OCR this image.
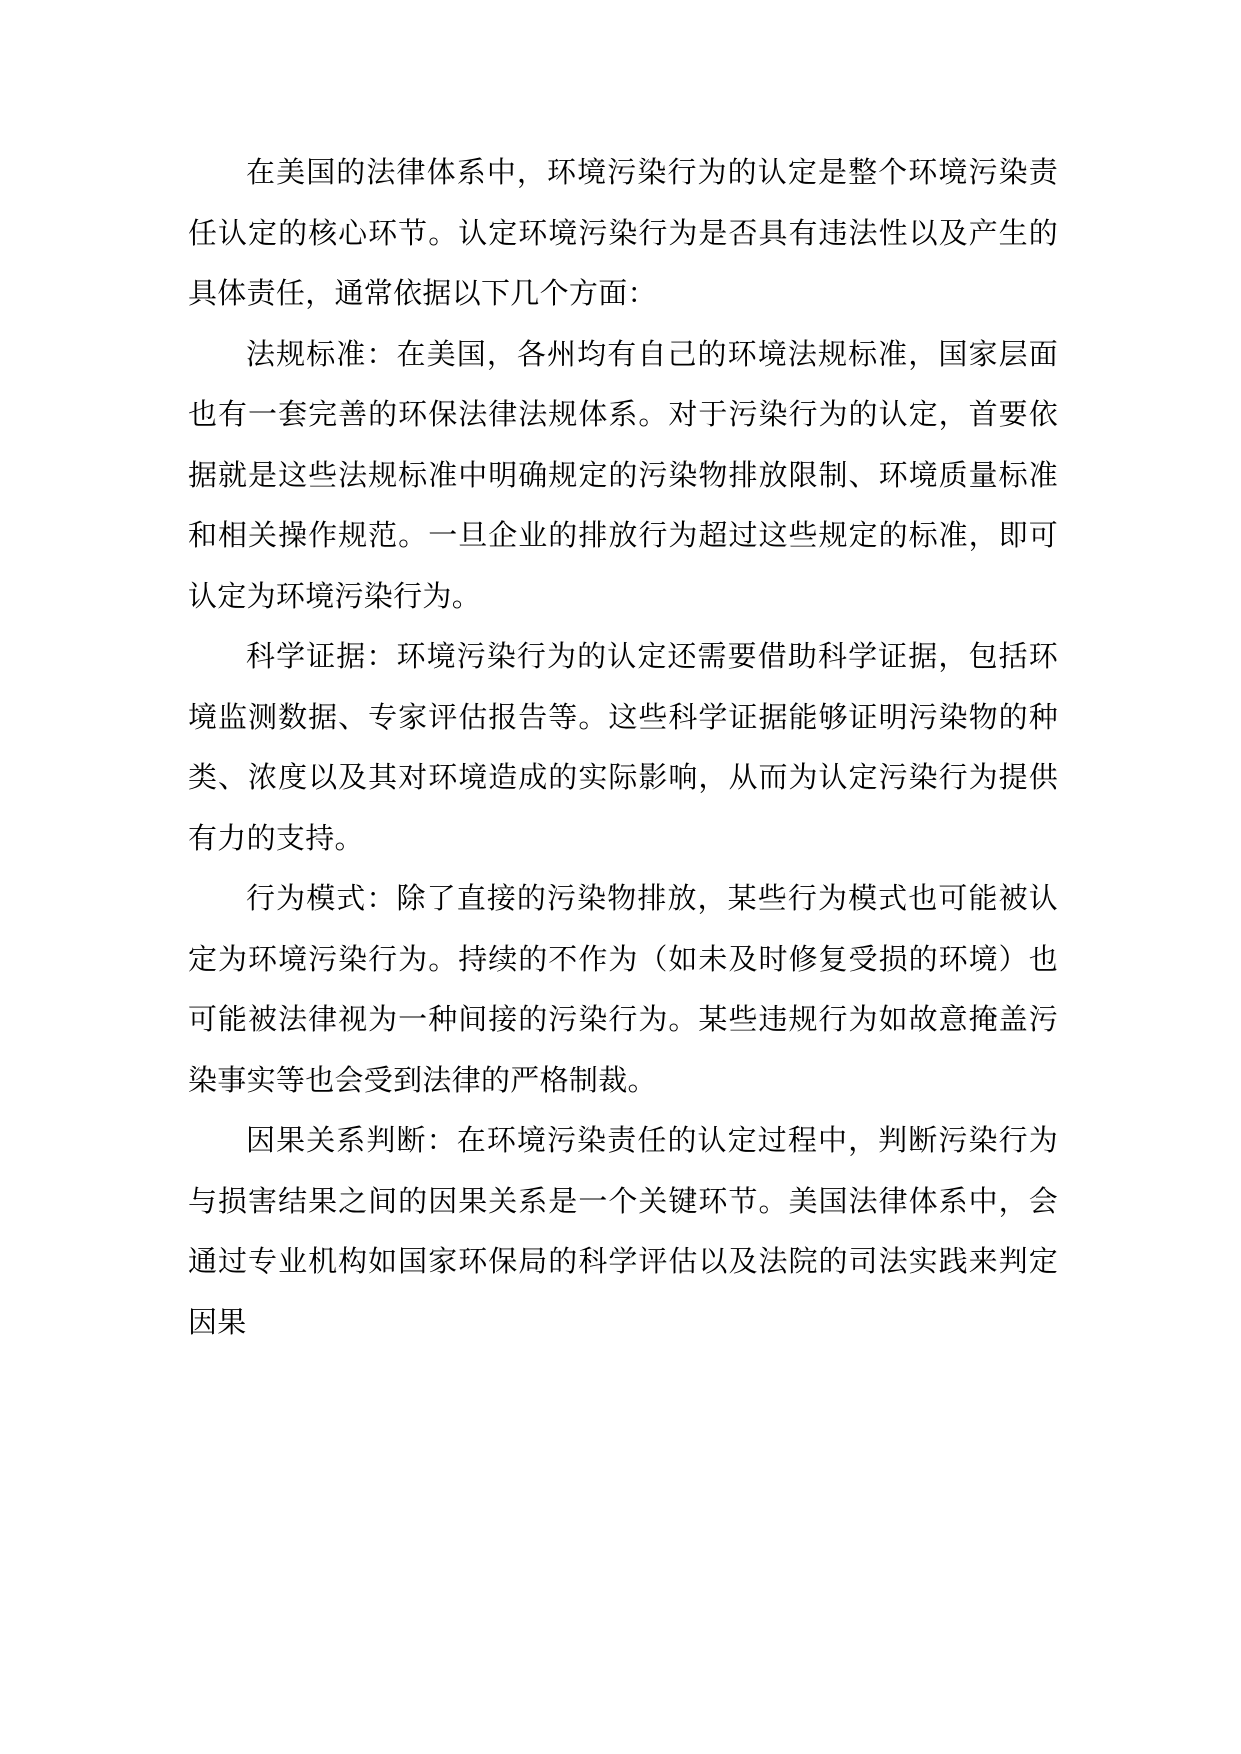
在美国的法律体系中，环境污染行为的认定是整个环境污染责任认定的核心环节。认定环境污染行为是否具有违法性以及产生的具体责任，通常依据以下几个方面：

法规标准：在美国，各州均有自己的环境法规标准，国家层面也有一套完善的环保法律法规体系。对于污染行为的认定，首要依据就是这些法规标准中明确规定的污染物排放限制、环境质量标准和相关操作规范。一旦企业的排放行为超过这些规定的标准，即可认定为环境污染行为。

科学证据：环境污染行为的认定还需要借助科学证据，包括环境监测数据、专家评估报告等。这些科学证据能够证明污染物的种类、浓度以及其对环境造成的实际影响，从而为认定污染行为提供有力的支持。

行为模式：除了直接的污染物排放，某些行为模式也可能被认定为环境污染行为。持续的不作为（如未及时修复受损的环境）也可能被法律视为一种间接的污染行为。某些违规行为如故意掩盖污染事实等也会受到法律的严格制裁。

因果关系判断：在环境污染责任的认定过程中，判断污染行为与损害结果之间的因果关系是一个关键环节。美国法律体系中，会通过专业机构如国家环保局的科学评估以及法院的司法实践来判定因果
